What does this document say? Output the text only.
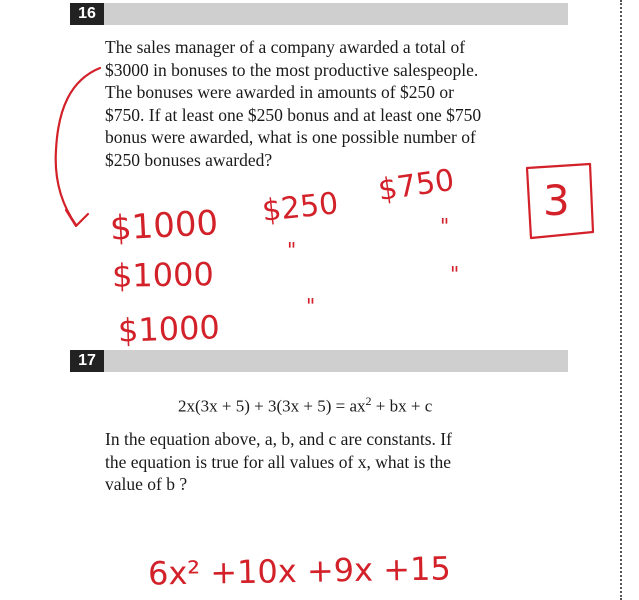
16

The sales manager of a company awarded a total of

$3000 in bonuses to the most productive salespeople.

The bonuses were awarded in amounts of $250 or

$750. If at least one $250 bonus and at least one $750

bonus were awarded, what is one possible number of

$250 bonuses awarded?

$1000
$1000
$1000
$250 $750
"
"
"
"
3
17
$2x(3x + 5) + 3(3x + 5) = ax^2$ + bx + c

In the equation above, a, b, and c are constants. If

the equation is true for all values of x, what is the

value of b ?

6x² +10x +9x +15
